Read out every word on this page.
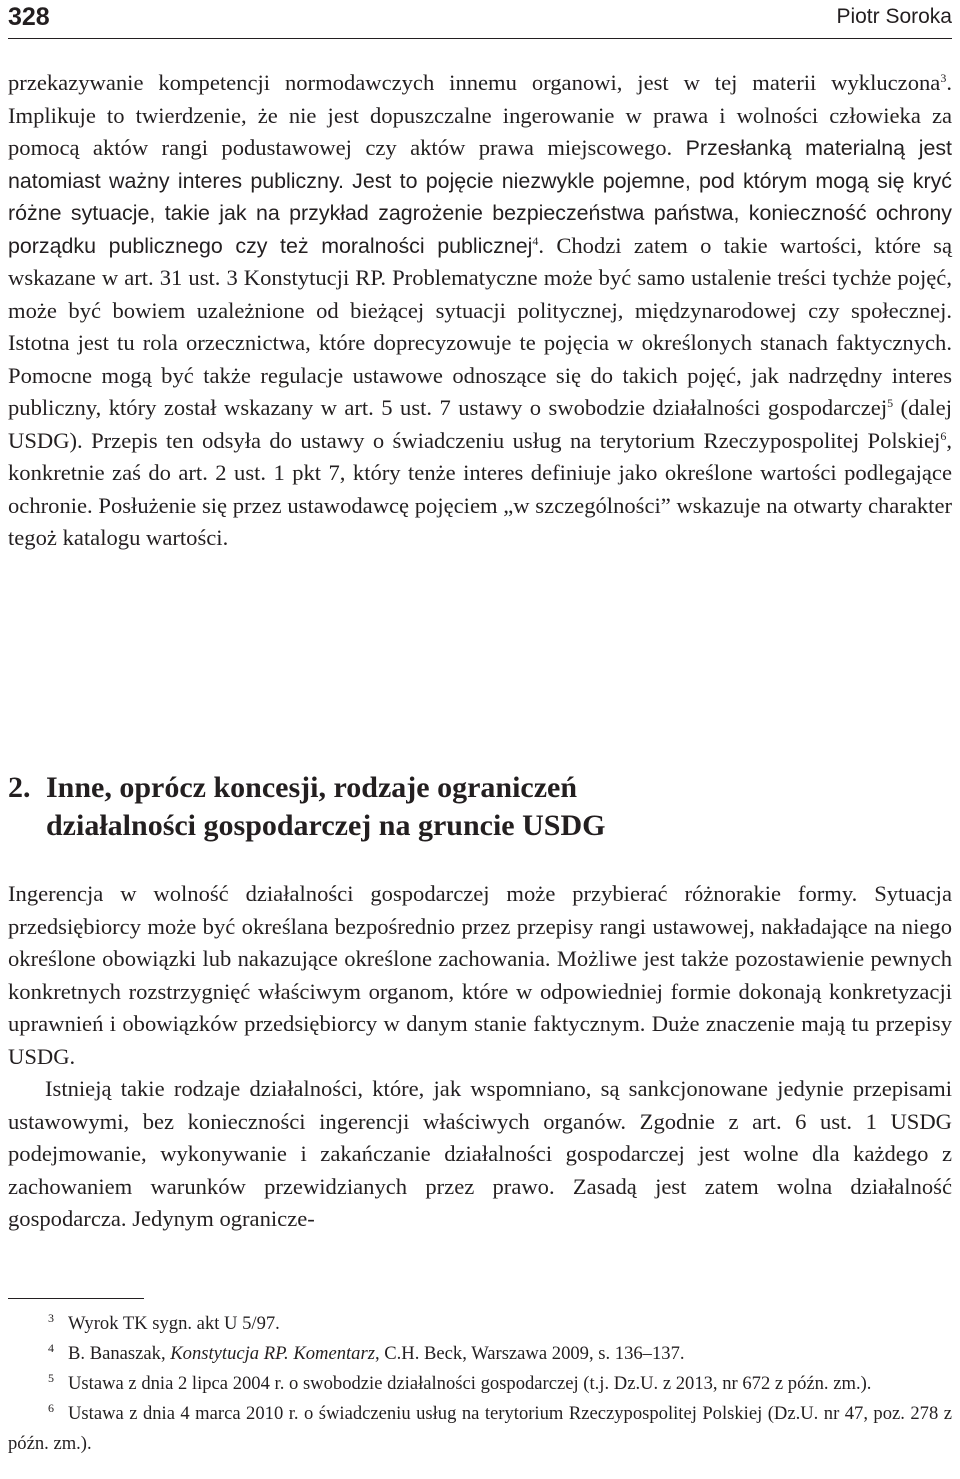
328	Piotr Soroka
przekazywanie kompetencji normodawczych innemu organowi, jest w tej materii wykluczona$^3$. Implikuje to twierdzenie, że nie jest dopuszczalne ingerowanie w prawa i wolności człowieka za pomocą aktów rangi podustawowej czy aktów prawa miejscowego. Przesłanką materialną jest natomiast ważny interes publiczny. Jest to pojęcie niezwykle pojemne, pod którym mogą się kryć różne sytuacje, takie jak na przykład zagrożenie bezpieczeństwa państwa, konieczność ochrony porządku publicznego czy też moralności publicznej$^4$. Chodzi zatem o takie wartości, które są wskazane w art. 31 ust. 3 Konstytucji RP. Problematyczne może być samo ustalenie treści tychże pojęć, może być bowiem uzależnione od bieżącej sytuacji politycznej, międzynarodowej czy społecznej. Istotna jest tu rola orzecznictwa, które doprecyzowuje te pojęcia w określonych stanach faktycznych. Pomocne mogą być także regulacje ustawowe odnoszące się do takich pojęć, jak nadrzędny interes publiczny, który został wskazany w art. 5 ust. 7 ustawy o swobodzie działalności gospodarczej$^5$ (dalej USDG). Przepis ten odsyła do ustawy o świadczeniu usług na terytorium Rzeczypospolitej Polskiej$^6$, konkretnie zaś do art. 2 ust. 1 pkt 7, który tenże interes definiuje jako określone wartości podlegające ochronie. Posłużenie się przez ustawodawcę pojęciem „w szczególności” wskazuje na otwarty charakter tegoż katalogu wartości.
2. Inne, oprócz koncesji, rodzaje ograniczeń
działalności gospodarczej na gruncie USDG
Ingerencja w wolność działalności gospodarczej może przybierać różnorakie formy. Sytuacja przedsiębiorcy może być określana bezpośrednio przez przepisy rangi ustawowej, nakładające na niego określone obowiązki lub nakazujące określone zachowania. Możliwe jest także pozostawienie pewnych konkretnych rozstrzygnięć właściwym organom, które w odpowiedniej formie dokonają konkretyzacji uprawnień i obowiązków przedsiębiorcy w danym stanie faktycznym. Duże znaczenie mają tu przepisy USDG.
Istnieją takie rodzaje działalności, które, jak wspomniano, są sankcjonowane jedynie przepisami ustawowymi, bez konieczności ingerencji właściwych organów. Zgodnie z art. 6 ust. 1 USDG podejmowanie, wykonywanie i zakańczanie działalności gospodarczej jest wolne dla każdego z zachowaniem warunków przewidzianych przez prawo. Zasadą jest zatem wolna działalność gospodarcza. Jedynym ogranicze-
3 Wyrok TK sygn. akt U 5/97.
4 B. Banaszak, Konstytucja RP. Komentarz, C.H. Beck, Warszawa 2009, s. 136–137.
5 Ustawa z dnia 2 lipca 2004 r. o swobodzie działalności gospodarczej (t.j. Dz.U. z 2013, nr 672 z późn. zm.).
6 Ustawa z dnia 4 marca 2010 r. o świadczeniu usług na terytorium Rzeczypospolitej Polskiej (Dz.U. nr 47, poz. 278 z późn. zm.).
